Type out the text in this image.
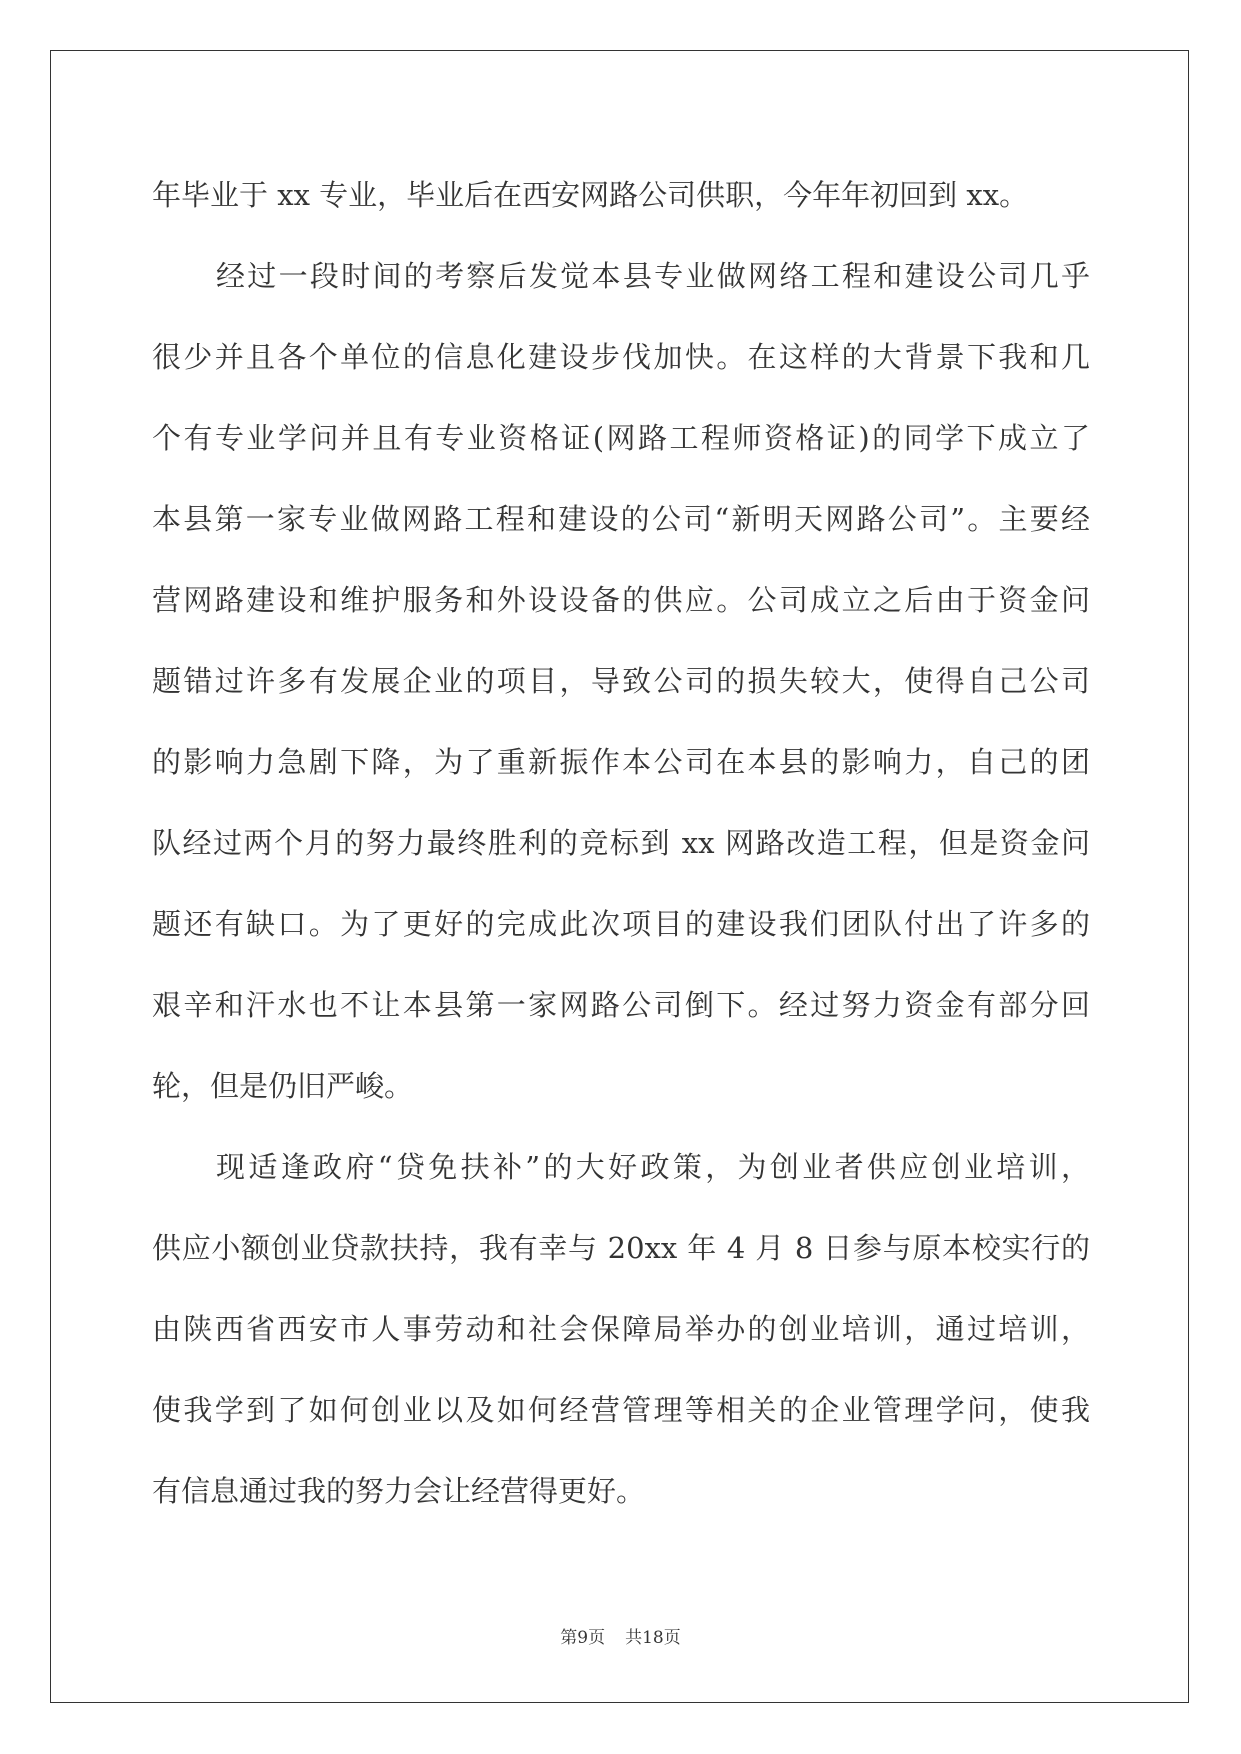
年毕业于 xx 专业，毕业后在西安网路公司供职，今年年初回到 xx。
经过一段时间的考察后发觉本县专业做网络工程和建设公司几乎
很少并且各个单位的信息化建设步伐加快。在这样的大背景下我和几
个有专业学问并且有专业资格证(网路工程师资格证)的同学下成立了
本县第一家专业做网路工程和建设的公司“新明天网路公司”。主要经
营网路建设和维护服务和外设设备的供应。公司成立之后由于资金问
题错过许多有发展企业的项目，导致公司的损失较大，使得自己公司
的影响力急剧下降，为了重新振作本公司在本县的影响力，自己的团
队经过两个月的努力最终胜利的竞标到 xx 网路改造工程，但是资金问
题还有缺口。为了更好的完成此次项目的建设我们团队付出了许多的
艰辛和汗水也不让本县第一家网路公司倒下。经过努力资金有部分回
轮，但是仍旧严峻。
现适逢政府“贷免扶补”的大好政策，为创业者供应创业培训，
供应小额创业贷款扶持，我有幸与 20xx 年 4 月 8 日参与原本校实行的
由陕西省西安市人事劳动和社会保障局举办的创业培训，通过培训，
使我学到了如何创业以及如何经营管理等相关的企业管理学问，使我
有信息通过我的努力会让经营得更好。
第9页 共18页
